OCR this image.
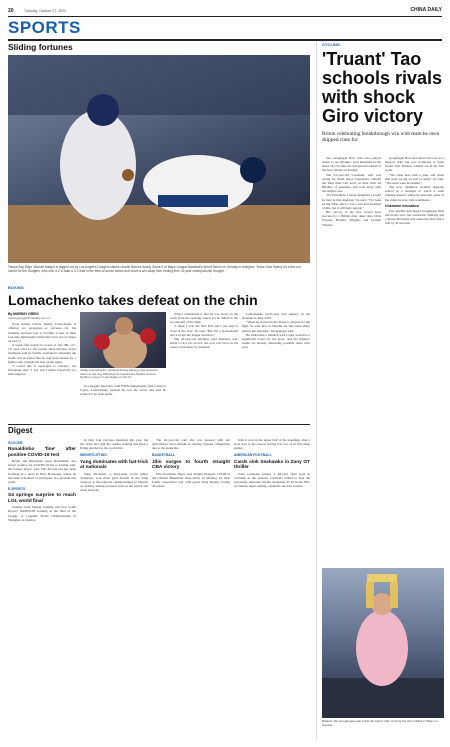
20	Tuesday, October 27, 2020	CHINA DAILY
SPORTS
Sliding fortunes
Tampa Bay Rays' Manuel Margot is tagged out by Los Angeles Dodgers catcher Austin Barnes during Game 5 of Major League Baseball's World Series on Sunday in Arlington, Texas. Max Muncy hit a two-run homer for the Dodgers, who won 4-2 to take a 3-2 lead in the best-of-seven series and move a win away from ending their 32-year championship drought.
BOXING
Lomachenko takes defeat on the chin
By MURRAY GREIG
murraygreig@chinadaily.com.cn

Upon further review, Vasiliy Lomachenko is offering no apologies—or excuses—for his stunning decision loss to Teofimo Lopez in their four-title lightweight unification bout in Las Vegas on Oct 17.

A week after losing by scores of 119-109, 117-111 and 116-112, the former three-division world champion said he briefly considered contesting the result, but accepted that he had been beaten by a fighter who brought his best on the night.

"I would like to apologize to nobody," the Ukrainian said. "I lost and I thank everybody for their support."

Vasiliy Lomachenko, pictured during training, has vowed to return to the ring following his unanimous decision loss to Teofimo Lopez in Las Vegas on Oct 17.

In a lengthy interview with ESPN immediately after losing to Lopez, Lomachenko insisted he was the victor and said he wanted to go back home.

What's remarkable is that he was down on the cards from the opening round, yet he rallied in the second half of the fight.

"I think I won the first half and I just kept it close at the end," he said. "But I'm a professional and I accept the judges' decision."

The 32-year-old Olympic gold medalist, who holds a 14-2 pro record, has now lost twice in his career, both times by decision.

Lomachenko previously had surgery on his shoulder in May 2019.

"When he arrived in the States to prepare for the fight, he said that in Ukraine he felt some sharp pain in the shoulder," his manager said.

He added that a rematch with Lopez would be a significant event for the sport, and the fighters' teams are already discussing possible dates next year.

Digest
SOCCER
Ronaldinho 'fine' after positive COVID-19 test

Brazil and Barcelona great Ronaldinho has tested positive for COVID-19 but is feeling well, the former player said. The 40-year-old has been isolating in a hotel in Belo Horizonte, where he had been scheduled to participate in a promotional event.

E-SPORTS
S4 springs surprise to reach LOL world final

Chinese team Suning Gaming will face South Korea's DAMWON Gaming in the final of the League of Legends World Championship in Shanghai on Sunday.

In their four previous meetings this year, the two sides had split the results, making this final a fitting decider for the world title.

WEIGHTLIFTING
Yang dominates with hat-trick at nationals

Yang Zhouqiao, a three-time world junior champion, won three gold medals in the 55kg category at the national championships in Ningbo on Sunday, setting personal bests in the snatch and clean and jerk.

The 20-year-old said she was pleased with her performance after months of training without competition due to the pandemic.

BASKETBALL
Jilin surges to fourth straight CBA victory

Jilin Northeast Tigers beat Tianjin Pioneers 110-98 in the Chinese Basketball Association on Monday for their fourth consecutive win, with guard Jiang Yuxing scoring 26 points.

Jilin is now in the upper half of the standings after a slow start to the season, having lost two of its first three games.

AMERICAN FOOTBALL
Cards sink Seahawks in Zany OT thriller

Zane Gonzalez kicked a 48-yard field goal in overtime as the Arizona Cardinals rallied to beat the previously unbeaten Seattle Seahawks 37-34 in the NFL on Sunday night, ending a dramatic see-saw contest.

CYCLING
'Truant' Tao schools rivals with shock Giro victory
Briton celebrating breakthrough win with team he once skipped class for

Tao Geoghegan Hart, who once played truant to see Olympic gold medalists in his home city, became the unexpected winner of the Giro d'Italia on Sunday.

The 25-year-old Londoner, who was racing for Team Ineos Grenadiers, entered the final time trial level on time with Jai Hindley of Australia, and rode away with the maglia rosa.

"It's incredible. I never imagined I would be here in this situation," he said. "I've been racing bikes since I was a kid and dreamed of this, but it still feels surreal."

His victory is the first Grand Tour success for a British rider other than Chris Froome, Bradley Wiggins and Geraint Thomas.

Geoghegan Hart had started the race as a support rider but was promoted to team leader after Thomas crashed out in the first week.

"We came here with a plan, and when that went wrong we had to adapt," he said. "The team were incredible."

The new champion recalled skipping school as a teenager to watch a team training session, where he later met some of the riders he now calls teammates.

Unknown sensation

Few pundits had tipped Geoghegan Hart before the race, but consistent climbing and a strong final time trial sealed his first major title by 39 seconds.

Britain's Tao Geoghegan Hart holds the trophy after winning the Giro d'Italia in Milan on Sunday.
